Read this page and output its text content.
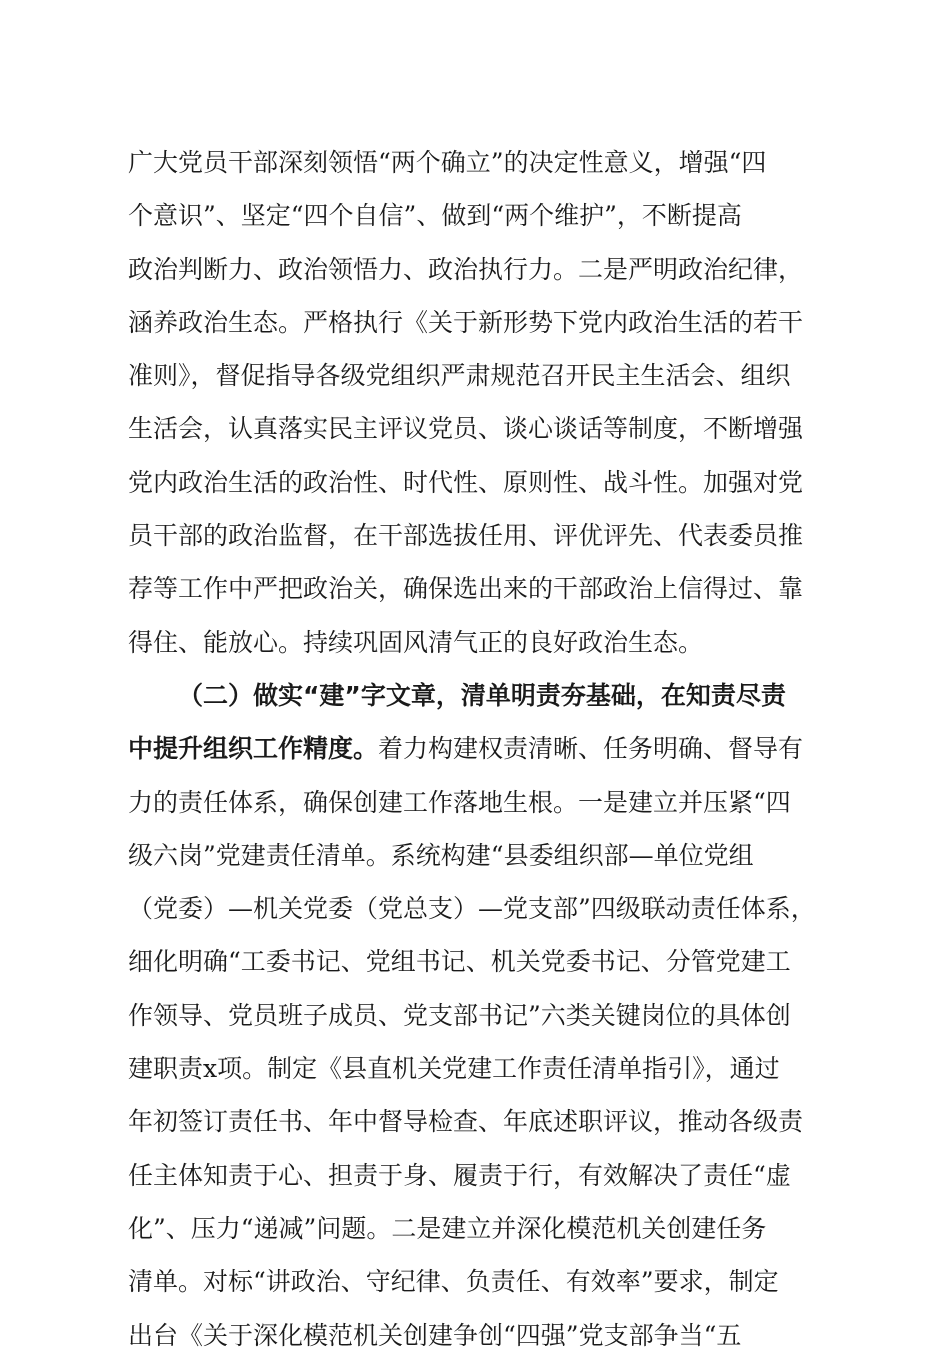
广大党员干部深刻领悟“两个确立”的决定性意义，增强“四
个意识”、坚定“四个自信”、做到“两个维护”，不断提高
政治判断力、政治领悟力、政治执行力。二是严明政治纪律，
涵养政治生态。严格执行《关于新形势下党内政治生活的若干
准则》，督促指导各级党组织严肃规范召开民主生活会、组织
生活会，认真落实民主评议党员、谈心谈话等制度，不断增强
党内政治生活的政治性、时代性、原则性、战斗性。加强对党
员干部的政治监督，在干部选拔任用、评优评先、代表委员推
荐等工作中严把政治关，确保选出来的干部政治上信得过、靠
得住、能放心。持续巩固风清气正的良好政治生态。
（二）做实“建”字文章，清单明责夯基础，在知责尽责
中提升组织工作精度。着力构建权责清晰、任务明确、督导有
力的责任体系，确保创建工作落地生根。一是建立并压紧“四
级六岗”党建责任清单。系统构建“县委组织部—单位党组
（党委）—机关党委（党总支）—党支部”四级联动责任体系，
细化明确“工委书记、党组书记、机关党委书记、分管党建工
作领导、党员班子成员、党支部书记”六类关键岗位的具体创
建职责x项。制定《县直机关党建工作责任清单指引》，通过
年初签订责任书、年中督导检查、年底述职评议，推动各级责
任主体知责于心、担责于身、履责于行，有效解决了责任“虚
化”、压力“递减”问题。二是建立并深化模范机关创建任务
清单。对标“讲政治、守纪律、负责任、有效率”要求，制定
出台《关于深化模范机关创建争创“四强”党支部争当“五
